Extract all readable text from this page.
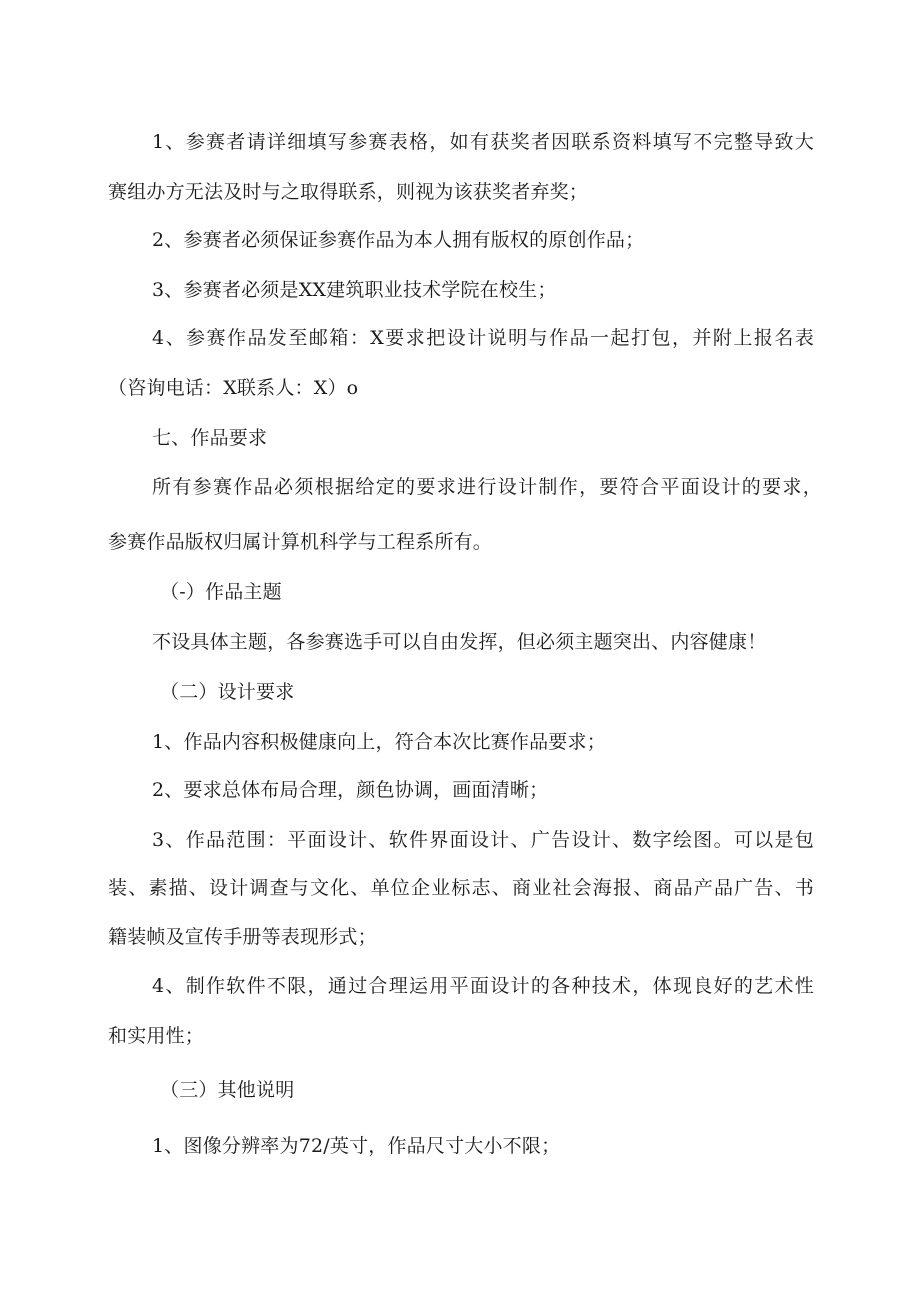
1、参赛者请详细填写参赛表格，如有获奖者因联系资料填写不完整导致大
赛组办方无法及时与之取得联系，则视为该获奖者弃奖；
2、参赛者必须保证参赛作品为本人拥有版权的原创作品；
3、参赛者必须是XX建筑职业技术学院在校生；
4、参赛作品发至邮箱：X要求把设计说明与作品一起打包，并附上报名表
（咨询电话：X联系人：X）o
七、作品要求
所有参赛作品必须根据给定的要求进行设计制作，要符合平面设计的要求，
参赛作品版权归属计算机科学与工程系所有。
（-）作品主题
不设具体主题，各参赛选手可以自由发挥，但必须主题突出、内容健康！
（二）设计要求
1、作品内容积极健康向上，符合本次比赛作品要求；
2、要求总体布局合理，颜色协调，画面清晰；
3、作品范围：平面设计、软件界面设计、广告设计、数字绘图。可以是包
装、素描、设计调查与文化、单位企业标志、商业社会海报、商品产品广告、书
籍装帧及宣传手册等表现形式；
4、制作软件不限，通过合理运用平面设计的各种技术，体现良好的艺术性
和实用性；
（三）其他说明
1、图像分辨率为72/英寸，作品尺寸大小不限；
